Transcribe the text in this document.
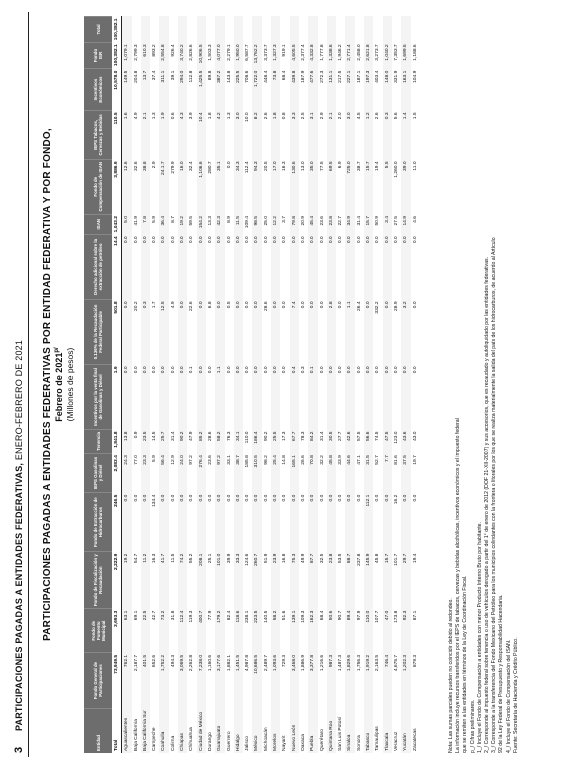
3
PARTICIPACIONES PAGADAS A ENTIDADES FEDERATIVAS, ENERO-FEBRERO DE 2021 PARTICIPACIONES PAGADAS A ENTIDADES FEDERATIVAS POR ENTIDAD FEDERATIVA Y POR FONDO, Febrero de $2021^{p/}$ (Millones de pesos)
Entidad	Fondo General de Participaciones	Fondo de Fomento Municipal	Fondo de Fiscalización y Recaudación	Fondo de Extracción de Hidrocarburos	IEPS Gasolinas y Diésel	Tenencia	Incentivos por la venta final de Gasolinas y Diésel	0.136% de la Recaudación Federal Participable	Derecho adicional sobre la extracción de petróleo	ISAN	Fondo de Compensación de ISAN	IEPS Tabacos, Cervezas y Bebidas	Incentivos Económicos	Fondo ISR	Total
Total	73,949.5	3,693.3	2,222.9	246.5	2,083.4	1,841.8	1.9	501.8	14.4	1,043.2	3,886.9	110.5	10,578.0	100,382.1	100,382.1
Aguascalientes	762.1	63.1	19.2	0.0	24.3	13.8	0.0	0.0	0.0	5.0	12.6	1.6	149.5	1,079.1	
Baja California	2,187.7	69.1	54.7	0.0	77.0	0.9	0.0	20.2	0.0	41.9	32.6	4.9	204.8	2,799.3	
Baja California Sur	401.5	22.5	11.2	0.0	23.3	23.5	0.0	0.3	0.0	7.8	38.8	2.1	13.7	610.3	
Campeche	652.6	42.7	16.3	134.4	5.9	14.5	0.0	1.7	0.0	5.9	2.9	1.3	37.4	893.2	
Coahuila	1,752.2	73.2	41.7	0.0	56.4	25.7	0.0	12.5	0.0	36.4	24.1.7	1.9	311.1	2,554.8	
Colima	494.3	31.8	11.5	0.0	12.9	31.4	0.0	4.9	0.0	8.7	279.9	0.6	39.1	926.4	
Chiapas	3,069.5	112.4	74.2	0.0	24.0	90.2	0.0	0.0	0.0	19.2	16.0	4.3	294.0	3,740.2	
Chihuahua	2,262.8	119.3	55.2	0.0	97.2	47.9	0.1	22.6	0.0	59.5	32.4	3.9	112.8	2,826.6	
Ciudad de México	7,238.0	400.7	208.1	0.0	276.4	85.2	0.0	0.0	0.0	154.2	1,106.6	10.4	1,425.5	10,906.5	
Durango	1,160.6	77.9	25.1	0.0	23.6	28.6	0.0	6.8	0.0	13.3	280.7	1.8	89.8	1,503.3	
Guanajuato	3,177.6	179.2	101.0	0.0	97.2	58.2	1.1	0.0	0.0	42.3	35.1	4.2	387.2	4,077.0	
Guerrero	1,882.1	82.4	39.9	0.0	33.1	76.3	0.0	0.5	0.0	8.9	0.0	1.3	143.8	2,279.1	
Hidalgo	1,451.5	118.6	33.3	0.0	38.7	34.1	0.0	0.0	0.0	11.5	34.3	3.0	225.5	1,950.0	
Jalisco	4,987.8	238.1	124.6	0.0	185.8	110.0	0.0	0.0	0.0	109.4	112.4	10.0	708.6	6,587.7	
México	10,686.5	223.5	260.7	0.0	310.5	186.4	0.0	0.0	0.0	98.5	94.3	8.2	1,722.0	13,762.2	
Michoacán	2,489.7	140.5	51.9	0.0	98.2	90.2	0.0	28.6	0.0	25.0	20.5	2.6	448.4	3,373.7	
Morelos	1,093.6	58.2	23.9	0.0	25.4	25.5	0.0	0.0	0.0	12.2	17.0	1.8	73.8	1,327.3	
Nayarit	729.3	51.6	16.8	0.0	14.8	17.3	0.0	0.0	0.0	3.7	16.3	0.8	68.4	919.1	
Nuevo León	3,468.0	139.1	75.3	0.0	165.1	67.7	0.4	7.4	0.0	79.8	130.6	3.3	439.8	4,605.5	
Oaxaca	1,886.9	109.3	49.9	0.0	26.6	78.3	0.3	0.0	0.0	20.9	13.0	2.5	187.9	2,377.4	
Puebla	3,377.8	162.3	87.7	0.0	70.8	84.2	0.1	0.0	0.0	45.4	35.0	3.1	477.6	4,332.8	
Querétaro	1,216.6	68.4	32.5	0.0	32.2	31.4	0.0	0.0	0.0	23.6	77.5	2.9	272.3	1,777.8	
Quintana Roo	987.3	50.6	23.8	0.0	45.8	30.5	0.0	2.8	0.0	23.8	69.5	2.1	131.1	1,338.6	
San Luis Potosí	1,487.3	90.7	53.5	0.0	33.9	27.7	0.0	0.0	0.0	22.7	6.9	2.0	217.5	1,946.2	
Sinaloa	1,829.6	89.4	88.7	0.0	44.6	42.6	0.0	1.1	0.0	34.9	725.0	3.0	227.1	2,771.4	
Sonora	1,756.3	97.9	237.8	0.0	47.1	57.5	0.0	26.4	0.0	31.4	38.7	4.5	187.1	2,458.0	
Tabasco	1,919.2	110.0	145.9	112.1	31.5	56.6	0.0	0.0	0.0	15.7	15.7	1.2	197.3	2,621.8	
Tamaulipas	2,163.5	107.7	45.8	0.0	52.7	74.5	0.0	332.2	0.0	50.9	19.4	2.6	403.4	3,273.7	
Tlaxcala	746.4	47.0	15.7	0.0	7.7	47.5	0.0	0.0	0.0	3.4	5.5	0.3	148.0	1,040.2	
Veracruz	4,675.7	173.8	101.7	16.2	81.6	123.0	0.0	28.9	0.0	27.5	1,260.0	5.6	331.9	7,353.7	
Yucatán	1,202.3	92.3	29.7	0.0	37.5	43.6	0.0	3.2	0.0	14.9	39.0	1.4	163.1	1,699.5	
Zacatecas	879.3	87.1	19.4	0.0	19.7	43.0	0.0	0.0	0.0	4.6	11.0	1.5	104.9	1,188.6	
Nota: Las sumas parciales pueden no coincidir debido al redondeo. La información incluye recursos transferidos por el IEPS de tabacos, cervezas y bebidas alcohólicas, incentivos económicos y el impuesto federal que se remiten a las entidades en términos de la Ley de Coordinación Fiscal. p_/ Cifras preliminares. 1_/ Incluye el Fondo de Compensación a entidades con menor Producto Interno Bruto por habitante. 2_/ Corresponde al impuesto federal sobre tenencia o uso de vehículos derogado a partir del 1° de enero de 2012 (DOF 21-XII-2007) y sus accesorios, que es recaudado y autoliquidado por las entidades federativas. 3_/ Corresponde a la transferencia del Fondo Mexicano del Petróleo para los municipios colindantes con la frontera o litorales por los que se realiza materialmente la salida del país de los hidrocarburos, de acuerdo al Artículo 92 de la Ley Federal de Presupuesto y Responsabilidad Hacendaria. 4_/ Incluye el Fondo de Compensación del ISAN. Fuente: Secretaría de Hacienda y Crédito Público.
